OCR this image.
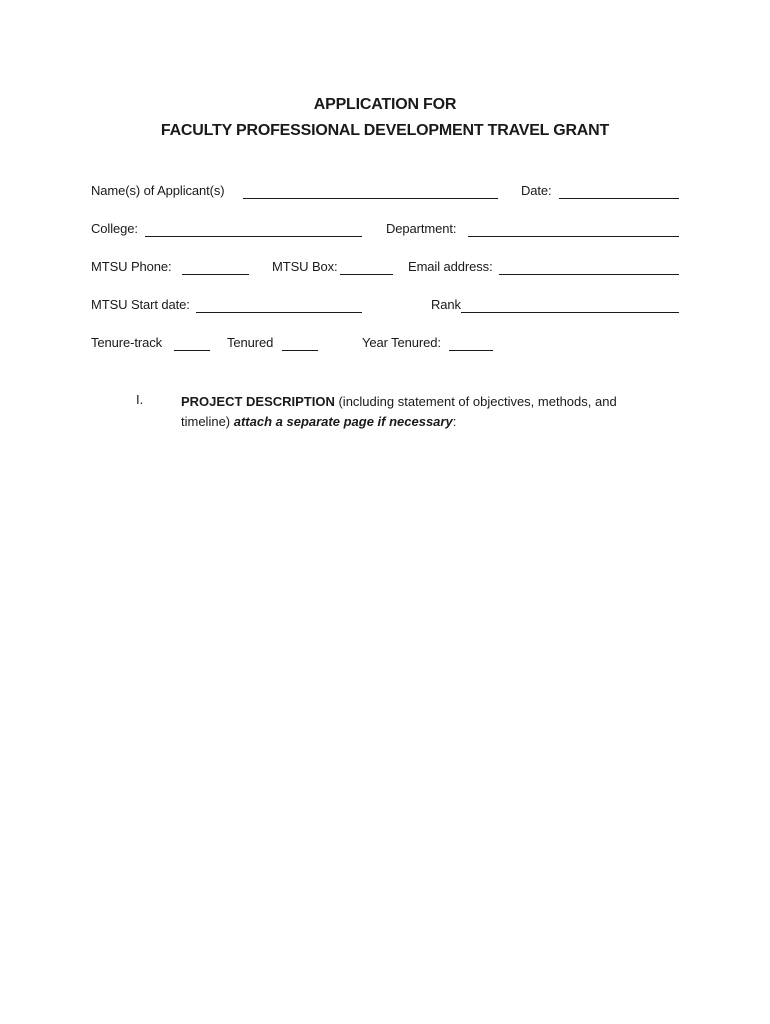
APPLICATION FOR
FACULTY PROFESSIONAL DEVELOPMENT TRAVEL GRANT
Name(s) of Applicant(s)	Date:
College:	Department:
MTSU Phone:	MTSU Box:	Email address:
MTSU Start date:	Rank
Tenure-track	Tenured	Year Tenured:
I.	PROJECT DESCRIPTION (including statement of objectives, methods, and timeline) attach a separate page if necessary:
